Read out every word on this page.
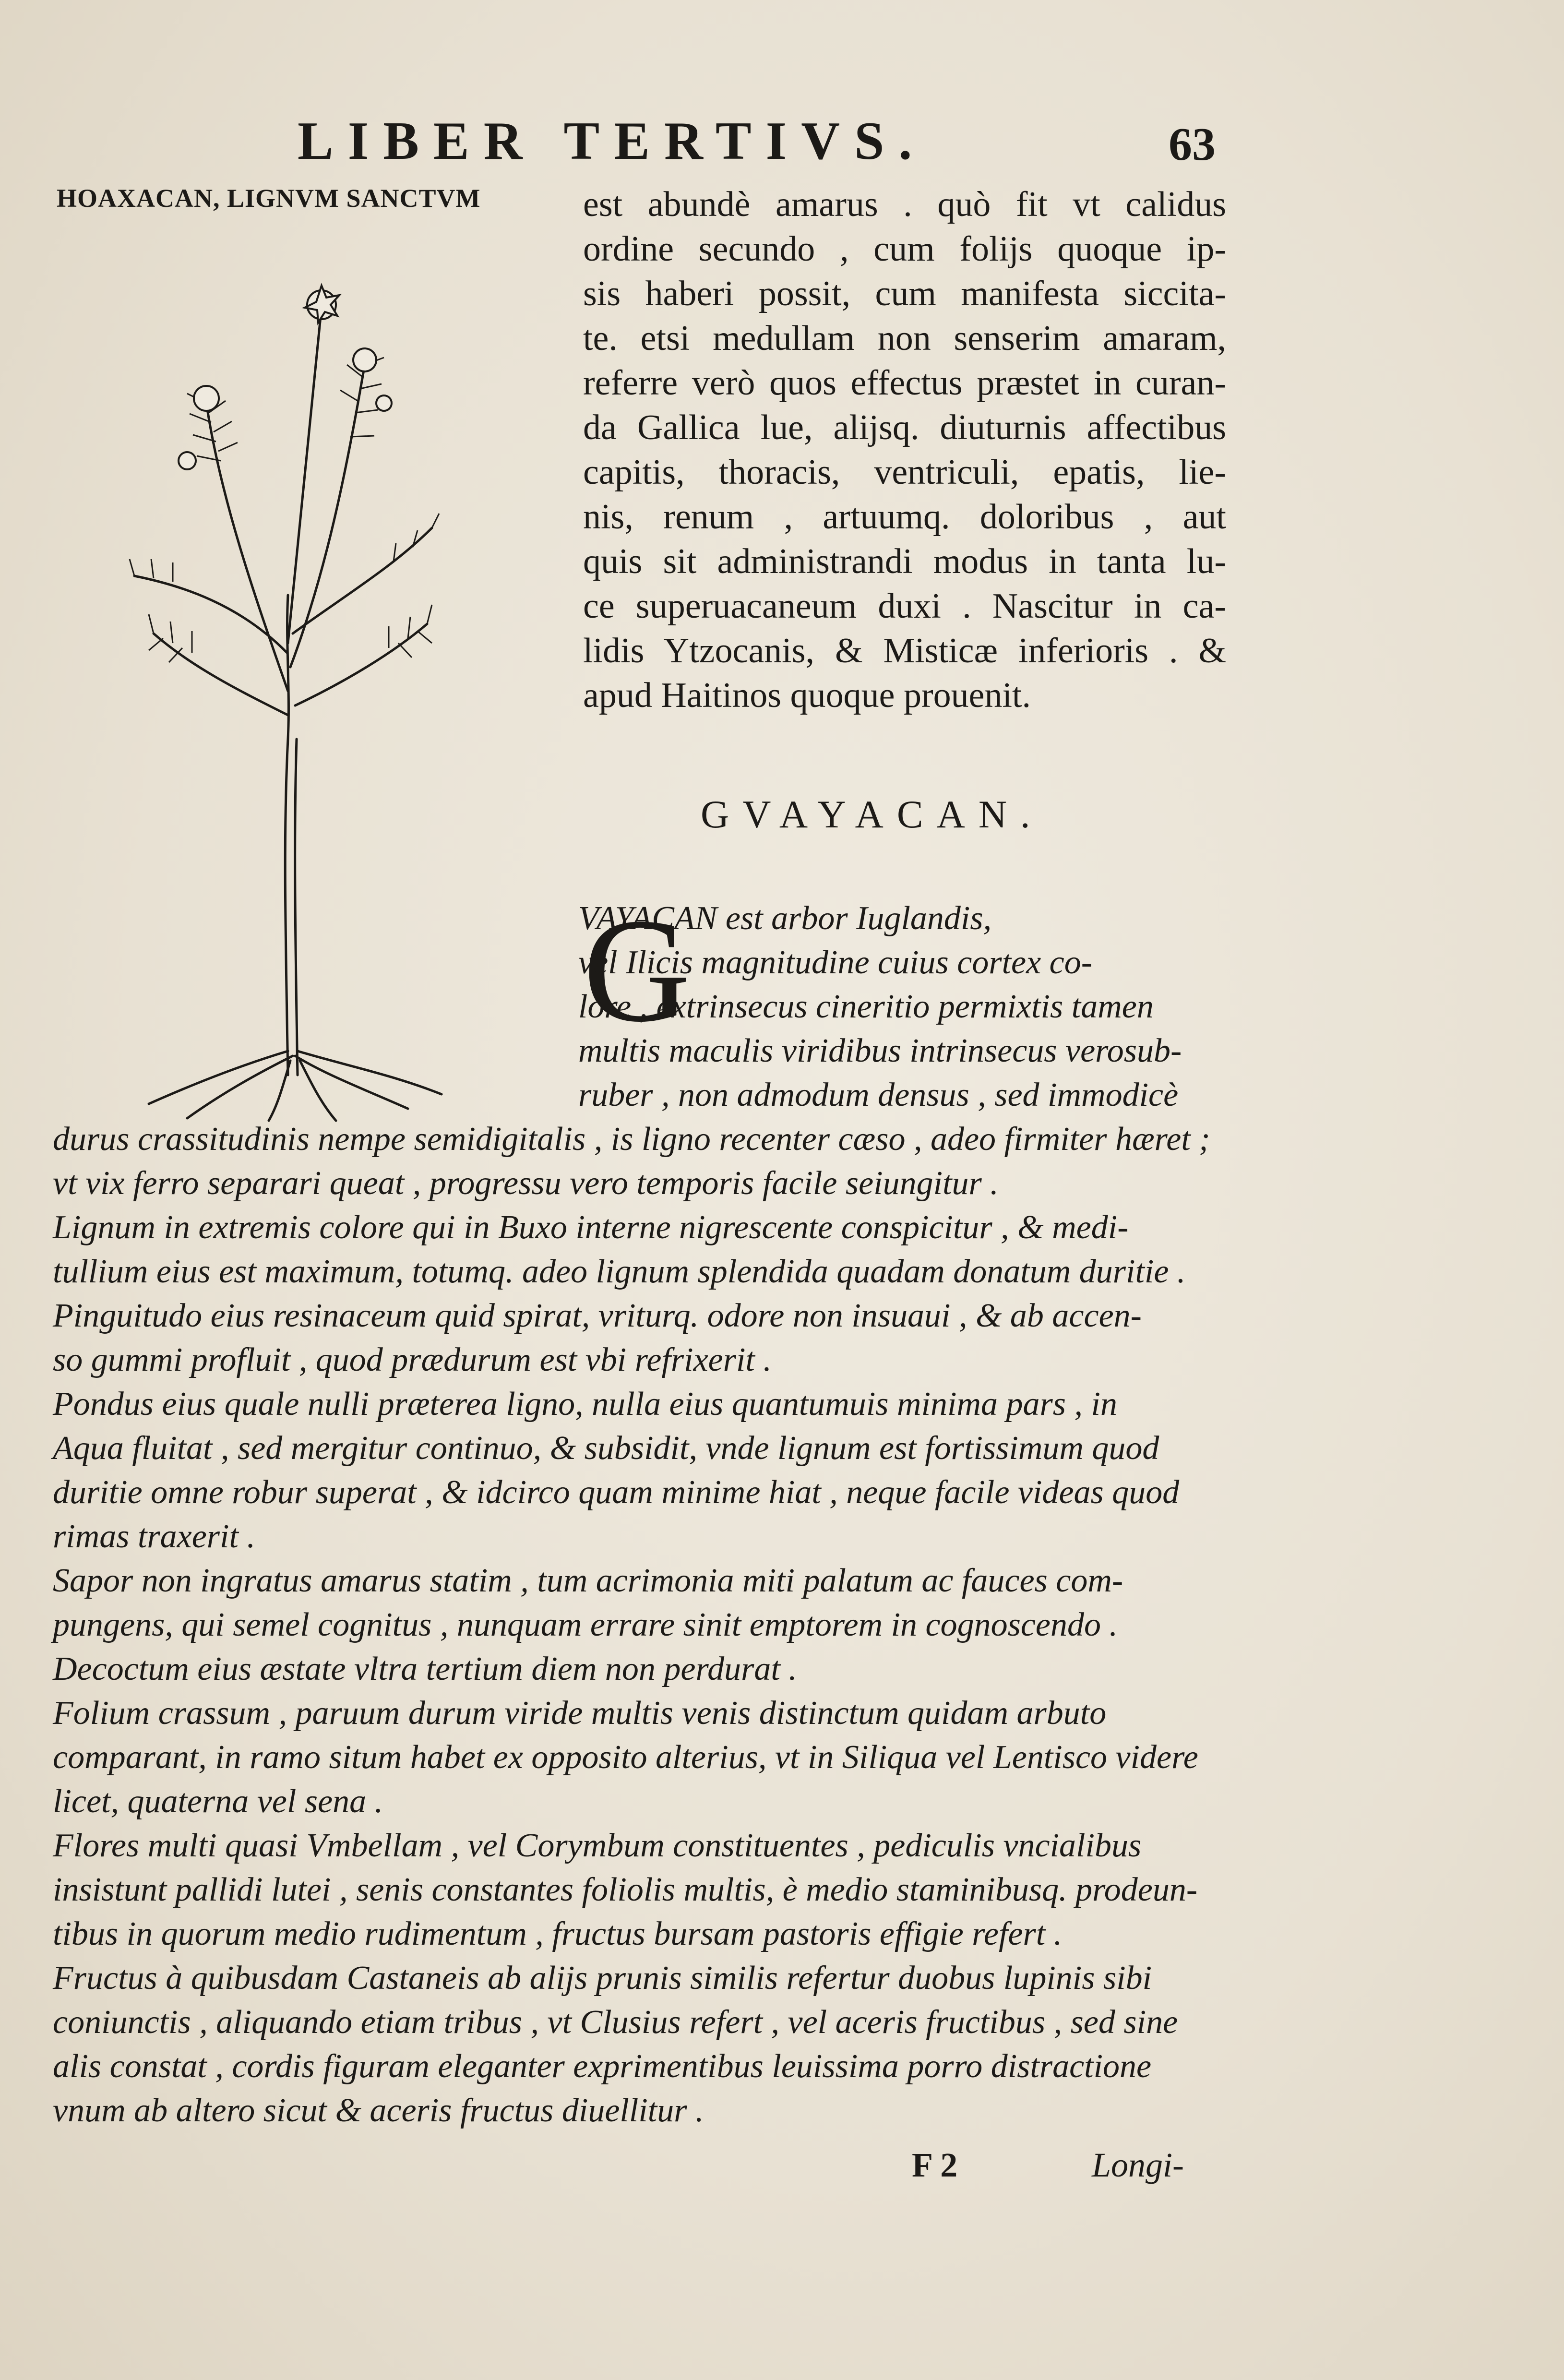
LIBER TERTIVS.	63
HOAXACAN, LIGNVM SANCTVM	est abundè amarus . quò fit vt calidus
ordine secundo , cum folijs quoque ip-
sis haberi possit, cum manifesta siccita-
te. etsi medullam non senserim amaram,
referre verò quos effectus præstet in curan-
da Gallica lue, alijsq. diuturnis affectibus
capitis, thoracis, ventriculi, epatis, lie-
nis, renum , artuumq. doloribus , aut
quis sit administrandi modus in tanta lu-
ce superuacaneum duxi . Nascitur in ca-
lidis Ytzocanis, & Misticæ inferioris . &
apud Haitinos quoque prouenit.
GVAYACAN.
G
VAYACAN est arbor Iuglandis,
vel Ilicis magnitudine cuius cortex co-
lore , extrinsecus cineritio permixtis tamen
multis maculis viridibus intrinsecus verosub-
ruber , non admodum densus , sed immodicè
durus crassitudinis nempe semidigitalis , is ligno recenter cæso , adeo firmiter hæret ;
vt vix ferro separari queat , progressu vero temporis facile seiungitur .
Lignum in extremis colore qui in Buxo interne nigrescente conspicitur , & medi-
tullium eius est maximum, totumq. adeo lignum splendida quadam donatum duritie .
Pinguitudo eius resinaceum quid spirat, vriturq. odore non insuaui , & ab accen-
so gummi profluit , quod prædurum est vbi refrixerit .
Pondus eius quale nulli præterea ligno, nulla eius quantumuis minima pars , in
Aqua fluitat , sed mergitur continuo, & subsidit, vnde lignum est fortissimum quod
duritie omne robur superat , & idcirco quam minime hiat , neque facile videas quod
rimas traxerit .
Sapor non ingratus amarus statim , tum acrimonia miti palatum ac fauces com-
pungens, qui semel cognitus , nunquam errare sinit emptorem in cognoscendo .
Decoctum eius æstate vltra tertium diem non perdurat .
Folium crassum , paruum durum viride multis venis distinctum quidam arbuto
comparant, in ramo situm habet ex opposito alterius, vt in Siliqua vel Lentisco videre
licet, quaterna vel sena .
Flores multi quasi Vmbellam , vel Corymbum constituentes , pediculis vncialibus
insistunt pallidi lutei , senis constantes foliolis multis, è medio staminibusq. prodeun-
tibus in quorum medio rudimentum , fructus bursam pastoris effigie refert .
Fructus à quibusdam Castaneis ab alijs prunis similis refertur duobus lupinis sibi
coniunctis , aliquando etiam tribus , vt Clusius refert , vel aceris fructibus , sed sine
alis constat , cordis figuram eleganter exprimentibus leuissima porro distractione
vnum ab altero sicut & aceris fructus diuellitur .
F 2	Longi-
